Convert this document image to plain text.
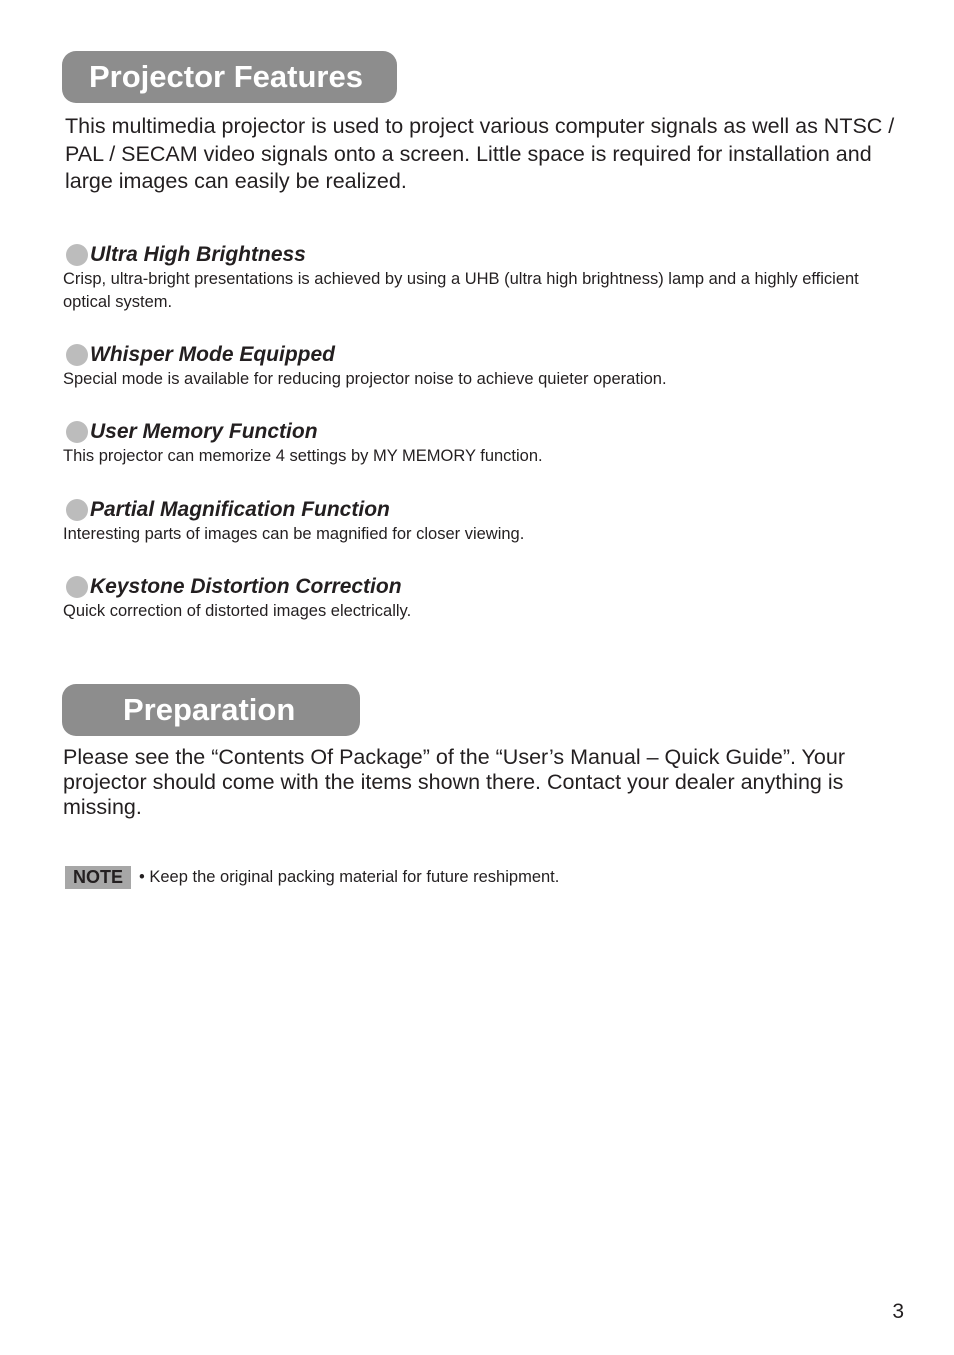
Projector Features

This multimedia projector is used to project various computer signals as well as NTSC / PAL / SECAM video signals onto a screen. Little space is required for installation and large images can easily be realized.

Ultra High Brightness

Crisp, ultra-bright presentations is achieved by using a UHB (ultra high brightness) lamp and a highly efficient optical system.

Whisper Mode Equipped

Special mode is available for reducing projector noise to achieve quieter operation.

User Memory Function

This projector can memorize 4 settings by MY MEMORY function.

Partial Magnification Function

Interesting parts of images can be magnified for closer viewing.

Keystone Distortion Correction

Quick correction of distorted images electrically.

Preparation

Please see the “Contents Of Package” of the “User’s Manual – Quick Guide”. Your projector should come with the items shown there. Contact your dealer anything is missing.

NOTE • Keep the original packing material for future reshipment.
3
